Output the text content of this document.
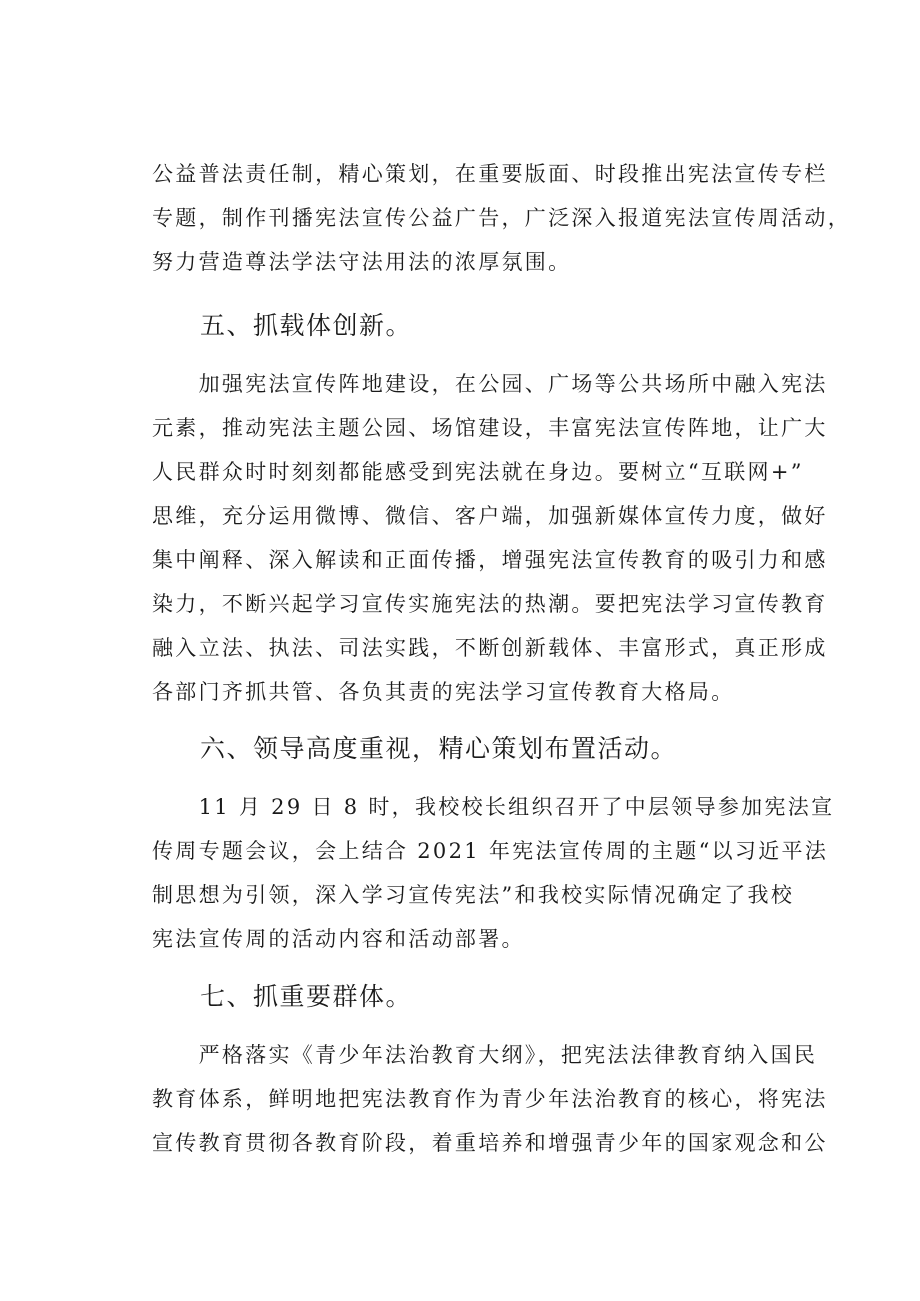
公益普法责任制，精心策划，在重要版面、时段推出宪法宣传专栏
专题，制作刊播宪法宣传公益广告，广泛深入报道宪法宣传周活动，
努力营造尊法学法守法用法的浓厚氛围。
五、抓载体创新。
　　加强宪法宣传阵地建设，在公园、广场等公共场所中融入宪法
元素，推动宪法主题公园、场馆建设，丰富宪法宣传阵地，让广大
人民群众时时刻刻都能感受到宪法就在身边。要树立“互联网+”
思维，充分运用微博、微信、客户端，加强新媒体宣传力度，做好
集中阐释、深入解读和正面传播，增强宪法宣传教育的吸引力和感
染力，不断兴起学习宣传实施宪法的热潮。要把宪法学习宣传教育
融入立法、执法、司法实践，不断创新载体、丰富形式，真正形成
各部门齐抓共管、各负其责的宪法学习宣传教育大格局。
六、领导高度重视，精心策划布置活动。
　　11 月 29 日 8 时，我校校长组织召开了中层领导参加宪法宣
传周专题会议，会上结合 2021 年宪法宣传周的主题“以习近平法
制思想为引领，深入学习宣传宪法”和我校实际情况确定了我校
宪法宣传周的活动内容和活动部署。
七、抓重要群体。
　　严格落实《青少年法治教育大纲》，把宪法法律教育纳入国民
教育体系，鲜明地把宪法教育作为青少年法治教育的核心，将宪法
宣传教育贯彻各教育阶段，着重培养和增强青少年的国家观念和公
